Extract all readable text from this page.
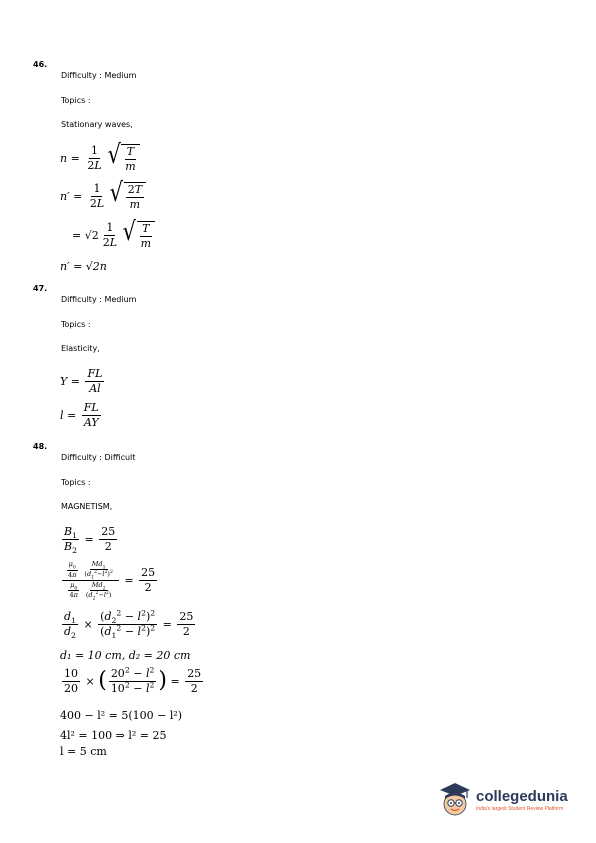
46.
Difficulty : Medium
Topics :
Stationary waves,
$n = \frac{1}{2L}$ √ $\frac{T}{m}$
$n' = \frac{1}{2L}$ √ $\frac{2T}{m}$
= $√2 \frac{1}{2L}$ √ $\frac{T}{m}$
n′ = √2n
47.
Difficulty : Medium
Topics :
Elasticity,
$Y = \frac{FL}{Al}$
$l = \frac{FL}{AY}$
48.
Difficulty : Difficult
Topics :
MAGNETISM,
$\frac{B_1}{B_2} = \frac{25}{2}$
$\frac{\frac{\mu_0}{4\pi} \frac{Md_1}{(d_1^2-l^2)^2}}{\frac{\mu_0}{4\pi} \frac{Md_2}{(d_2^2-l^2)}} = \frac{25}{2}$
$\frac{d_1}{d_2} \times \frac{(d_2^2 - l^2)^2}{(d_1^2 - l^2)^2} = \frac{25}{2}$
d₁ = 10 cm, d₂ = 20 cm
$\frac{10}{20}$ × ( $\frac{20^2 - l^2}{10^2 - l^2}$ ) = $\frac{25}{2}$
400 − l² = 5(100 − l²)
4l² = 100 ⇒ l² = 25
l = 5 cm
collegedunia
India's largest Student Review Platform
